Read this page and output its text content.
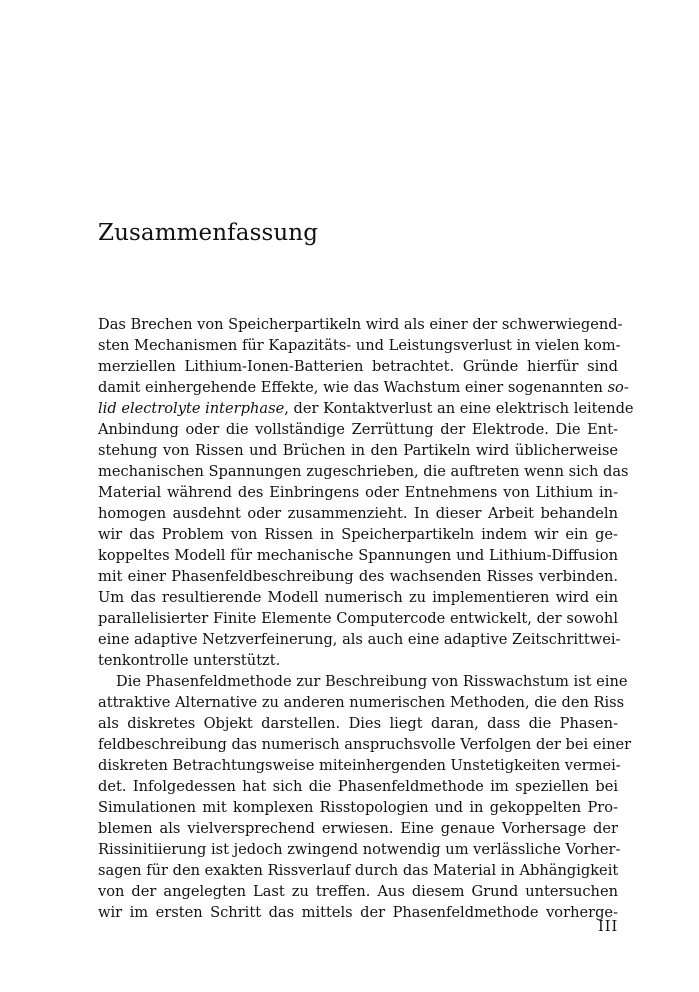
Zusammenfassung
Das Brechen von Speicherpartikeln wird als einer der schwerwiegend-
sten Mechanismen für Kapazitäts- und Leistungsverlust in vielen kom-
merziellen Lithium-Ionen-Batterien betrachtet. Gründe hierfür sind
damit einhergehende Effekte, wie das Wachstum einer sogenannten so-
lid electrolyte interphase, der Kontaktverlust an eine elektrisch leitende
Anbindung oder die vollständige Zerrüttung der Elektrode. Die Ent-
stehung von Rissen und Brüchen in den Partikeln wird üblicherweise
mechanischen Spannungen zugeschrieben, die auftreten wenn sich das
Material während des Einbringens oder Entnehmens von Lithium in-
homogen ausdehnt oder zusammenzieht. In dieser Arbeit behandeln
wir das Problem von Rissen in Speicherpartikeln indem wir ein ge-
koppeltes Modell für mechanische Spannungen und Lithium-Diffusion
mit einer Phasenfeldbeschreibung des wachsenden Risses verbinden.
Um das resultierende Modell numerisch zu implementieren wird ein
parallelisierter Finite Elemente Computercode entwickelt, der sowohl
eine adaptive Netzverfeinerung, als auch eine adaptive Zeitschrittwei-
tenkontrolle unterstützt.
Die Phasenfeldmethode zur Beschreibung von Risswachstum ist eine
attraktive Alternative zu anderen numerischen Methoden, die den Riss
als diskretes Objekt darstellen. Dies liegt daran, dass die Phasen-
feldbeschreibung das numerisch anspruchsvolle Verfolgen der bei einer
diskreten Betrachtungsweise miteinhergenden Unstetigkeiten vermei-
det. Infolgedessen hat sich die Phasenfeldmethode im speziellen bei
Simulationen mit komplexen Risstopologien und in gekoppelten Pro-
blemen als vielversprechend erwiesen. Eine genaue Vorhersage der
Rissinitiierung ist jedoch zwingend notwendig um verlässliche Vorher-
sagen für den exakten Rissverlauf durch das Material in Abhängigkeit
von der angelegten Last zu treffen. Aus diesem Grund untersuchen
wir im ersten Schritt das mittels der Phasenfeldmethode vorherge-
III
